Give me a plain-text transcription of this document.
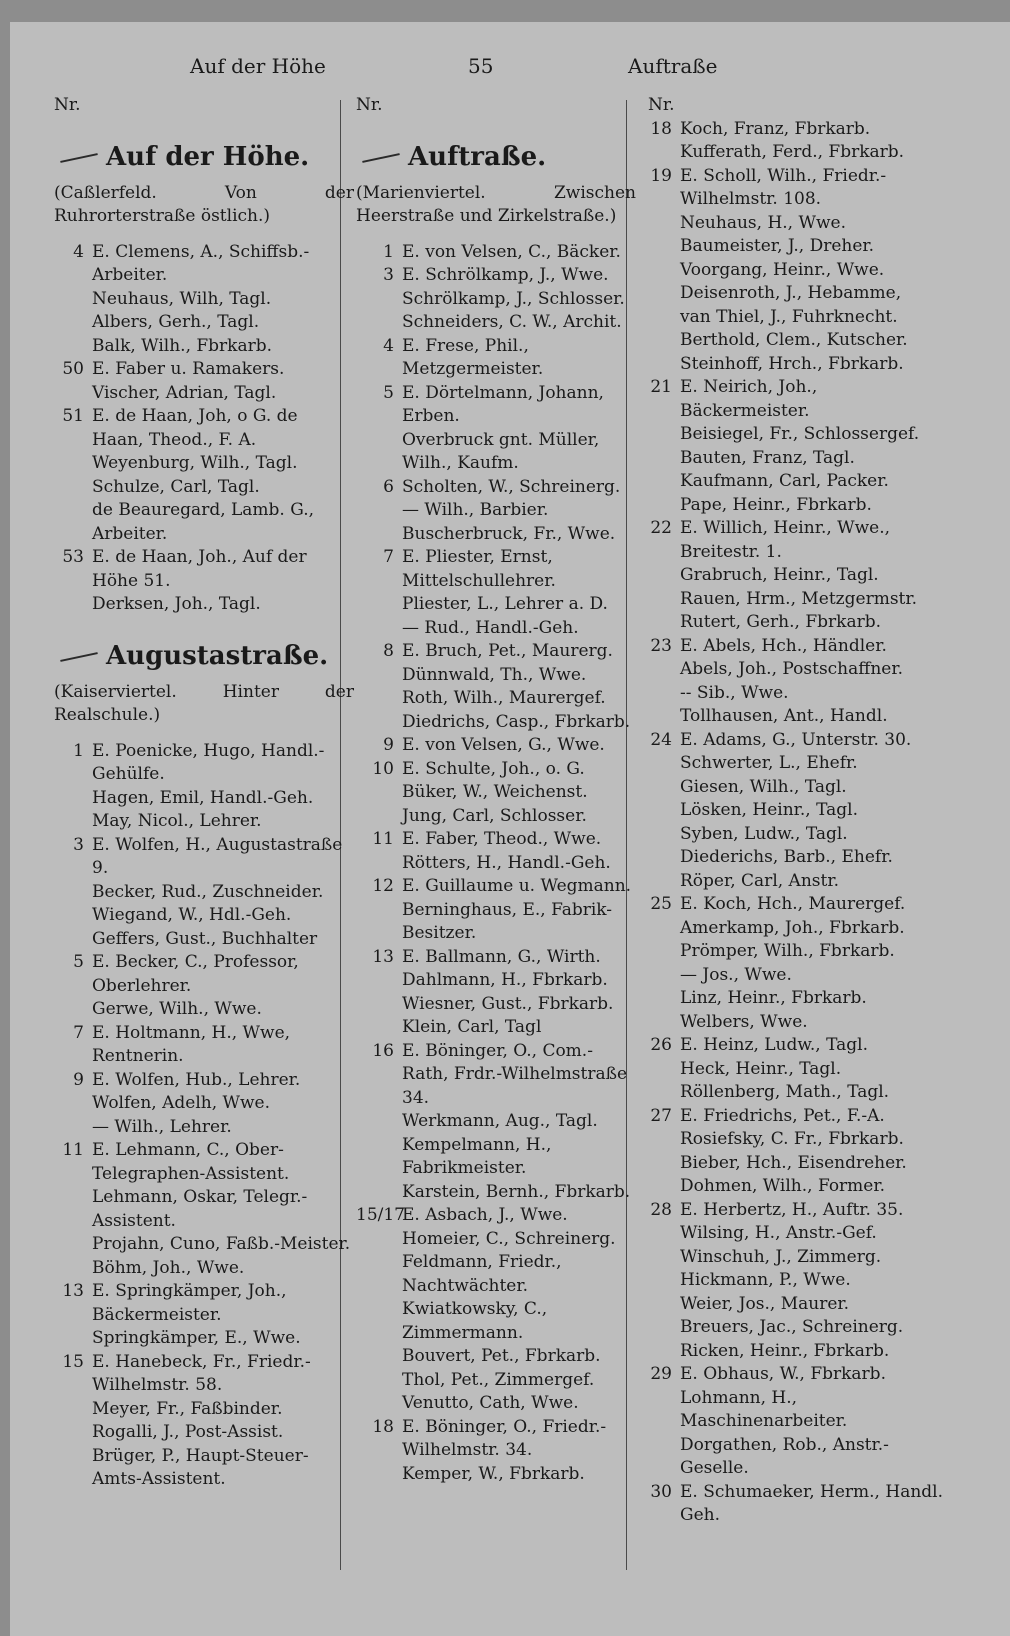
Auf der Höhe	55	Auftraße
Nr.
Auf der Höhe.
(Caßlerfeld. Von der Ruhrorterstraße östlich.)
4 E. Clemens, A., Schiffsb.-Arbeiter.
Neuhaus, Wilh, Tagl.
Albers, Gerh., Tagl.
Balk, Wilh., Fbrkarb.
50 E. Faber u. Ramakers.
Vischer, Adrian, Tagl.
51 E. de Haan, Joh, o G. de Haan, Theod., F. A.
Weyenburg, Wilh., Tagl.
Schulze, Carl, Tagl.
de Beauregard, Lamb. G., Arbeiter.
53 E. de Haan, Joh., Auf der Höhe 51.
Derksen, Joh., Tagl.
Augustastraße.
(Kaiserviertel. Hinter der Realschule.)
1 E. Poenicke, Hugo, Handl.-Gehülfe.
Hagen, Emil, Handl.-Geh.
May, Nicol., Lehrer.
3 E. Wolfen, H., Augustastraße 9.
Becker, Rud., Zuschneider.
Wiegand, W., Hdl.-Geh.
Geffers, Gust., Buchhalter
5 E. Becker, C., Professor, Oberlehrer.
Gerwe, Wilh., Wwe.
7 E. Holtmann, H., Wwe, Rentnerin.
9 E. Wolfen, Hub., Lehrer.
Wolfen, Adelh, Wwe.
— Wilh., Lehrer.
11 E. Lehmann, C., Ober-Telegraphen-Assistent.
Lehmann, Oskar, Telegr.-Assistent.
Projahn, Cuno, Faßb.-Meister.
Böhm, Joh., Wwe.
13 E. Springkämper, Joh., Bäckermeister.
Springkämper, E., Wwe.
15 E. Hanebeck, Fr., Friedr.-Wilhelmstr. 58.
Meyer, Fr., Faßbinder.
Rogalli, J., Post-Assist.
Brüger, P., Haupt-Steuer-Amts-Assistent.
Nr.
Auftraße.
(Marienviertel. Zwischen Heerstraße und Zirkelstraße.)
1 E. von Velsen, C., Bäcker.
3 E. Schrölkamp, J., Wwe.
Schrölkamp, J., Schlosser.
Schneiders, C. W., Archit.
4 E. Frese, Phil., Metzgermeister.
5 E. Dörtelmann, Johann, Erben.
Overbruck gnt. Müller, Wilh., Kaufm.
6 Scholten, W., Schreinerg.
— Wilh., Barbier.
Buscherbruck, Fr., Wwe.
7 E. Pliester, Ernst, Mittelschullehrer.
Pliester, L., Lehrer a. D.
— Rud., Handl.-Geh.
8 E. Bruch, Pet., Maurerg.
Dünnwald, Th., Wwe.
Roth, Wilh., Maurergef.
Diedrichs, Casp., Fbrkarb.
9 E. von Velsen, G., Wwe.
10 E. Schulte, Joh., o. G.
Büker, W., Weichenst.
Jung, Carl, Schlosser.
11 E. Faber, Theod., Wwe.
Rötters, H., Handl.-Geh.
12 E. Guillaume u. Wegmann.
Berninghaus, E., Fabrik-Besitzer.
13 E. Ballmann, G., Wirth.
Dahlmann, H., Fbrkarb.
Wiesner, Gust., Fbrkarb.
Klein, Carl, Tagl
16 E. Böninger, O., Com.-Rath, Frdr.-Wilhelmstraße 34.
Werkmann, Aug., Tagl.
Kempelmann, H., Fabrikmeister.
Karstein, Bernh., Fbrkarb.
15/17
E. Asbach, J., Wwe.
Homeier, C., Schreinerg.
Feldmann, Friedr., Nachtwächter.
Kwiatkowsky, C., Zimmermann.
Bouvert, Pet., Fbrkarb.
Thol, Pet., Zimmergef.
Venutto, Cath, Wwe.
18 E. Böninger, O., Friedr.-Wilhelmstr. 34.
Kemper, W., Fbrkarb.
Nr.
18 Koch, Franz, Fbrkarb.
Kufferath, Ferd., Fbrkarb.
19 E. Scholl, Wilh., Friedr.-Wilhelmstr. 108.
Neuhaus, H., Wwe.
Baumeister, J., Dreher.
Voorgang, Heinr., Wwe.
Deisenroth, J., Hebamme,
van Thiel, J., Fuhrknecht.
Berthold, Clem., Kutscher.
Steinhoff, Hrch., Fbrkarb.
21 E. Neirich, Joh., Bäckermeister.
Beisiegel, Fr., Schlossergef.
Bauten, Franz, Tagl.
Kaufmann, Carl, Packer.
Pape, Heinr., Fbrkarb.
22 E. Willich, Heinr., Wwe., Breitestr. 1.
Grabruch, Heinr., Tagl.
Rauen, Hrm., Metzgermstr.
Rutert, Gerh., Fbrkarb.
23 E. Abels, Hch., Händler.
Abels, Joh., Postschaffner.
-- Sib., Wwe.
Tollhausen, Ant., Handl.
24 E. Adams, G., Unterstr. 30.
Schwerter, L., Ehefr.
Giesen, Wilh., Tagl.
Lösken, Heinr., Tagl.
Syben, Ludw., Tagl.
Diederichs, Barb., Ehefr.
Röper, Carl, Anstr.
25 E. Koch, Hch., Maurergef.
Amerkamp, Joh., Fbrkarb.
Prömper, Wilh., Fbrkarb.
— Jos., Wwe.
Linz, Heinr., Fbrkarb.
Welbers, Wwe.
26 E. Heinz, Ludw., Tagl.
Heck, Heinr., Tagl.
Röllenberg, Math., Tagl.
27 E. Friedrichs, Pet., F.-A.
Rosiefsky, C. Fr., Fbrkarb.
Bieber, Hch., Eisendreher.
Dohmen, Wilh., Former.
28 E. Herbertz, H., Auftr. 35.
Wilsing, H., Anstr.-Gef.
Winschuh, J., Zimmerg.
Hickmann, P., Wwe.
Weier, Jos., Maurer.
Breuers, Jac., Schreinerg.
Ricken, Heinr., Fbrkarb.
29 E. Obhaus, W., Fbrkarb.
Lohmann, H., Maschinenarbeiter.
Dorgathen, Rob., Anstr.-Geselle.
30 E. Schumaeker, Herm., Handl. Geh.
